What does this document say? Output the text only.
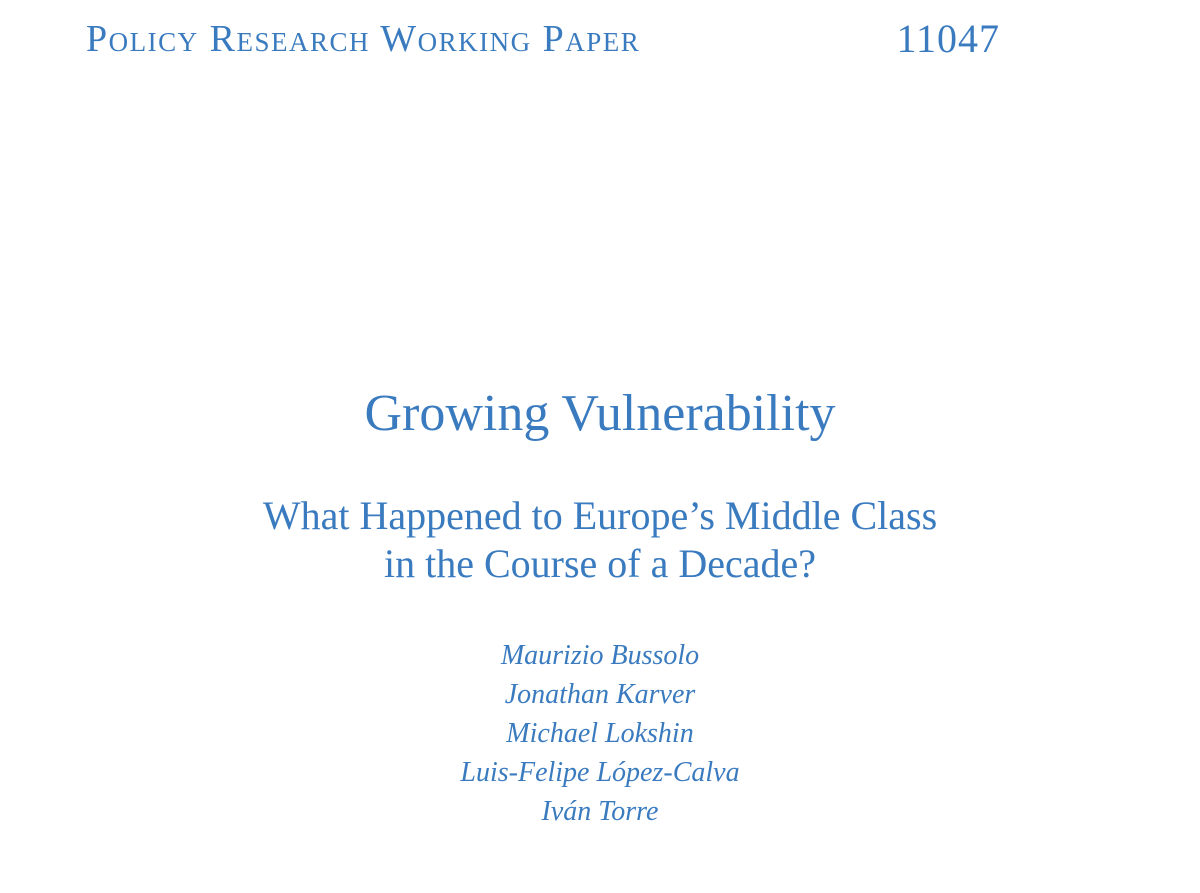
Policy Research Working Paper	11047
Growing Vulnerability
What Happened to Europe’s Middle Class
in the Course of a Decade?
Maurizio Bussolo
Jonathan Karver
Michael Lokshin
Luis-Felipe López-Calva
Iván Torre
